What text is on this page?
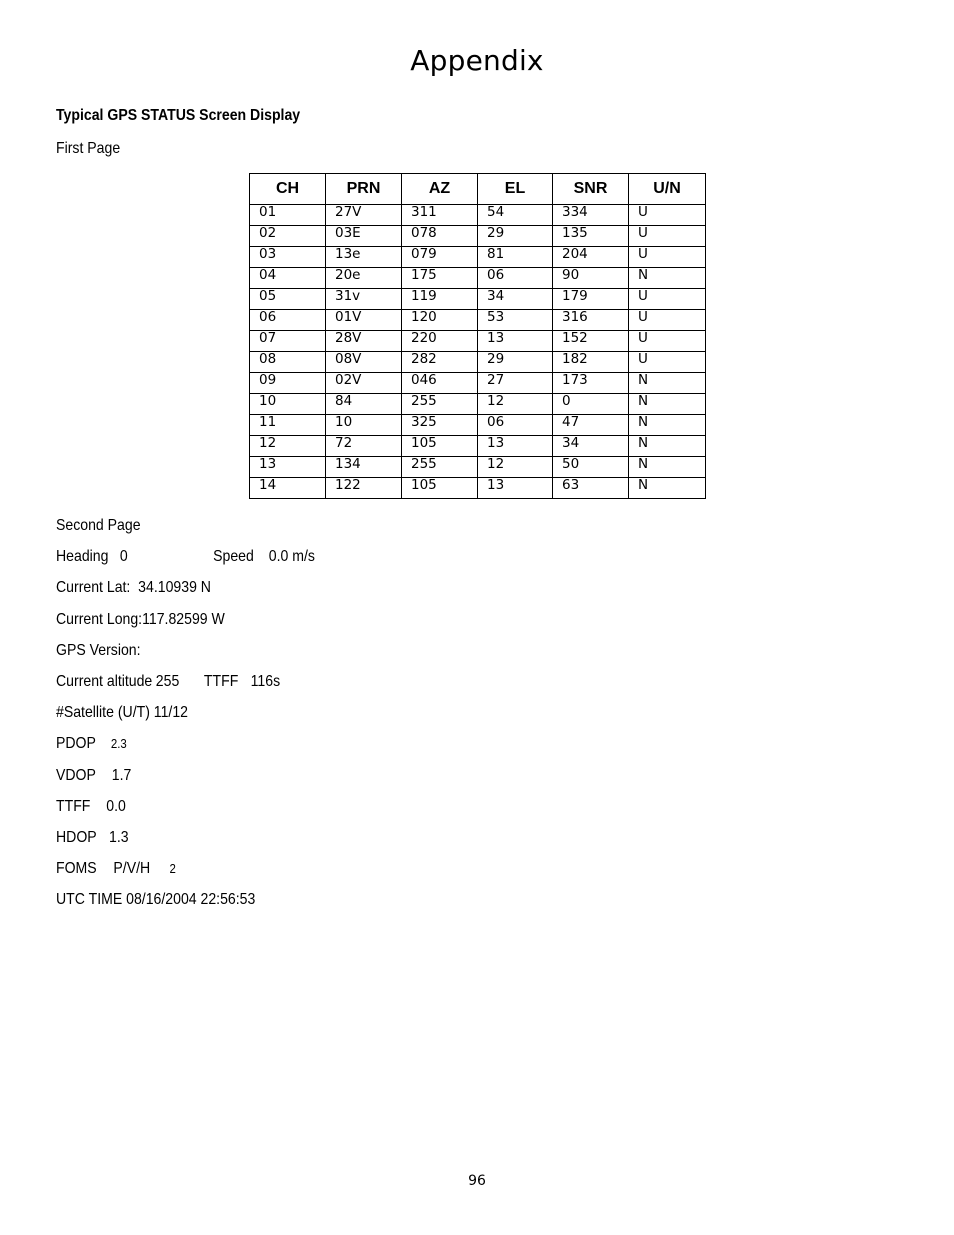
Appendix
Typical GPS STATUS Screen Display
First Page
CH	PRN	AZ	EL	SNR	U/N
01	27V	311	54	334	U
02	03E	078	29	135	U
03	13e	079	81	204	U
04	20e	175	06	90	N
05	31v	119	34	179	U
06	01V	120	53	316	U
07	28V	220	13	152	U
08	08V	282	29	182	U
09	02V	046	27	173	N
10	84	255	12	0	N
11	10	325	06	47	N
12	72	105	13	34	N
13	134	255	12	50	N
14	122	105	13	63	N
Second Page
Heading 0	Speed 0.0 m/s
Current Lat:  34.10939 N
Current Long:117.82599 W
GPS Version:
Current altitude 255 TTFF 116s
#Satellite (U/T) 11/12
PDOP 2.3
VDOP 1.7
TTFF 0.0
HDOP 1.3
FOMS P/V/H 2
UTC TIME 08/16/2004 22:56:53
96
